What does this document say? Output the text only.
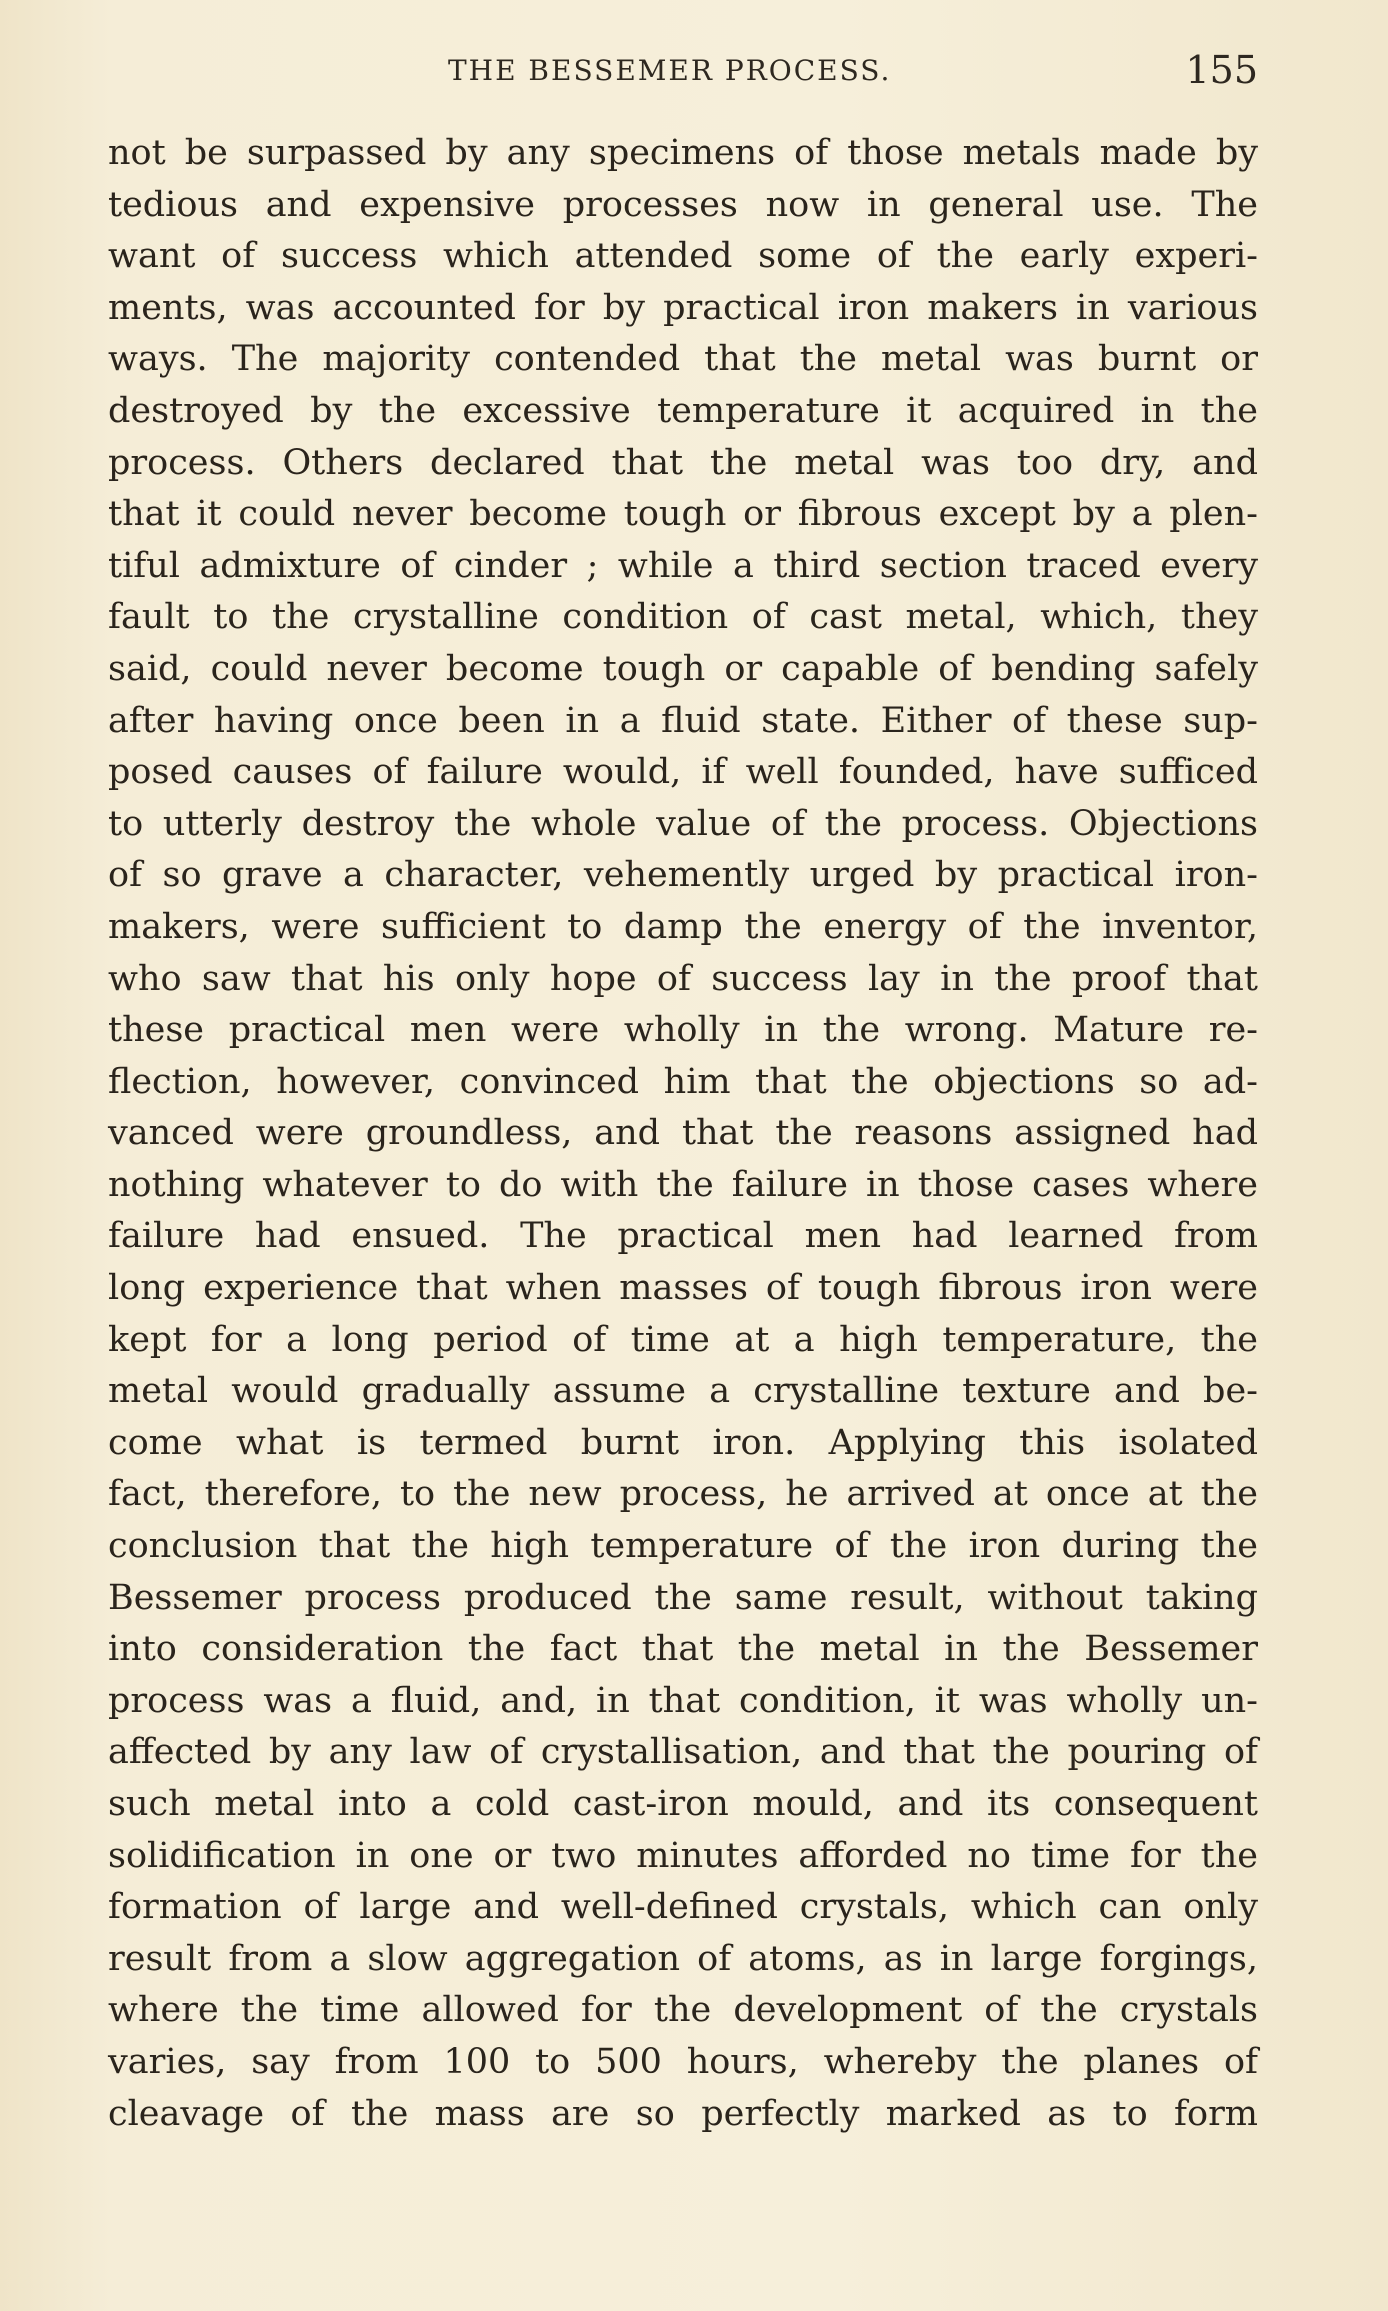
THE BESSEMER PROCESS.	155
not be surpassed by any specimens of those metals made by
tedious and expensive processes now in general use. The
want of success which attended some of the early experi-
ments, was accounted for by practical iron makers in various
ways. The majority contended that the metal was burnt or
destroyed by the excessive temperature it acquired in the
process. Others declared that the metal was too dry, and
that it could never become tough or fibrous except by a plen-
tiful admixture of cinder ; while a third section traced every
fault to the crystalline condition of cast metal, which, they
said, could never become tough or capable of bending safely
after having once been in a fluid state. Either of these sup-
posed causes of failure would, if well founded, have sufficed
to utterly destroy the whole value of the process. Objections
of so grave a character, vehemently urged by practical iron-
makers, were sufficient to damp the energy of the inventor,
who saw that his only hope of success lay in the proof that
these practical men were wholly in the wrong. Mature re-
flection, however, convinced him that the objections so ad-
vanced were groundless, and that the reasons assigned had
nothing whatever to do with the failure in those cases where
failure had ensued. The practical men had learned from
long experience that when masses of tough fibrous iron were
kept for a long period of time at a high temperature, the
metal would gradually assume a crystalline texture and be-
come what is termed burnt iron. Applying this isolated
fact, therefore, to the new process, he arrived at once at the
conclusion that the high temperature of the iron during the
Bessemer process produced the same result, without taking
into consideration the fact that the metal in the Bessemer
process was a fluid, and, in that condition, it was wholly un-
affected by any law of crystallisation, and that the pouring of
such metal into a cold cast-iron mould, and its consequent
solidification in one or two minutes afforded no time for the
formation of large and well-defined crystals, which can only
result from a slow aggregation of atoms, as in large forgings,
where the time allowed for the development of the crystals
varies, say from 100 to 500 hours, whereby the planes of
cleavage of the mass are so perfectly marked as to form
